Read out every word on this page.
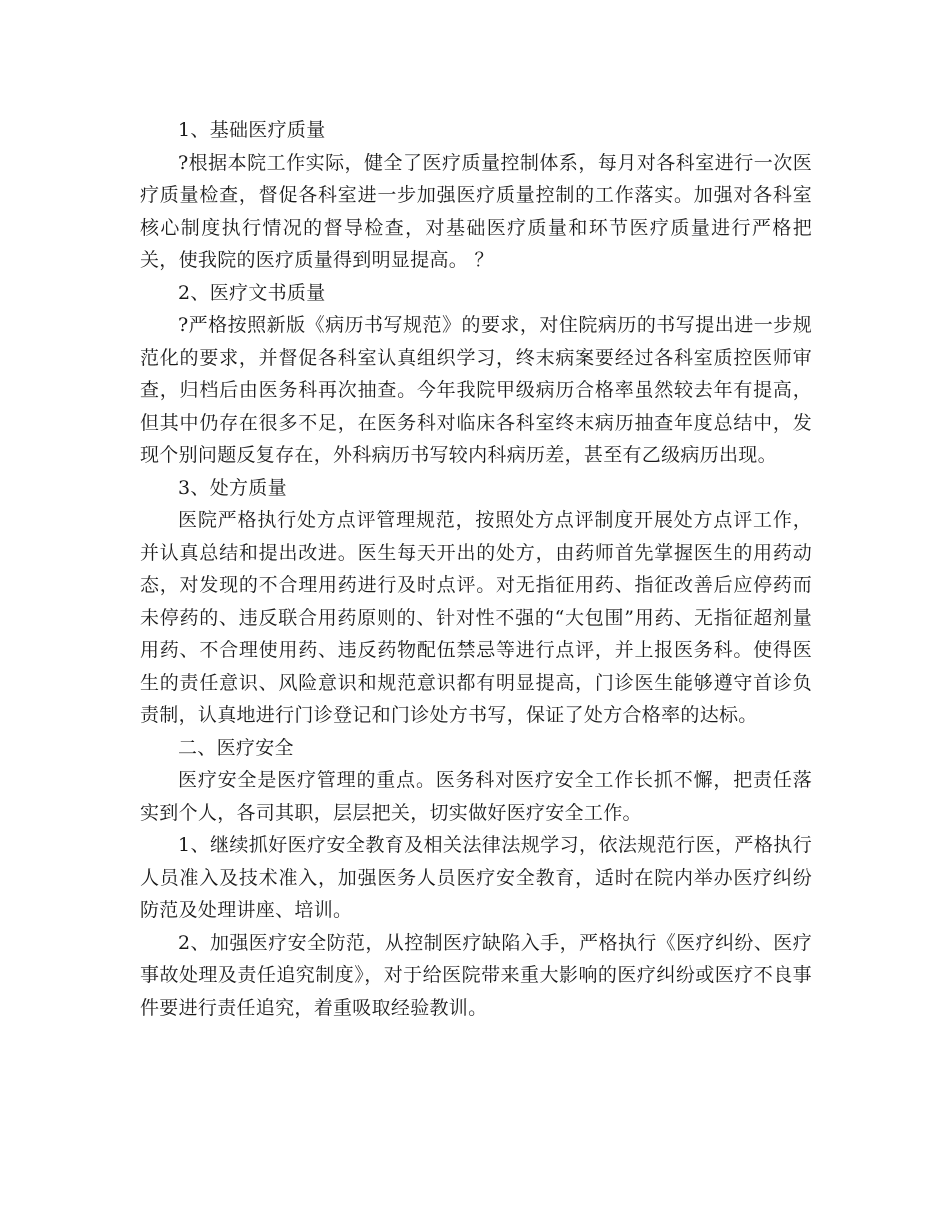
1、基础医疗质量

?根据本院工作实际，健全了医疗质量控制体系，每月对各科室进行一次医疗质量检查，督促各科室进一步加强医疗质量控制的工作落实。加强对各科室核心制度执行情况的督导检查，对基础医疗质量和环节医疗质量进行严格把关，使我院的医疗质量得到明显提高。 ？

2、医疗文书质量

?严格按照新版《病历书写规范》的要求，对住院病历的书写提出进一步规范化的要求，并督促各科室认真组织学习，终末病案要经过各科室质控医师审查，归档后由医务科再次抽查。今年我院甲级病历合格率虽然较去年有提高，但其中仍存在很多不足，在医务科对临床各科室终末病历抽查年度总结中，发现个别问题反复存在，外科病历书写较内科病历差，甚至有乙级病历出现。

3、处方质量

医院严格执行处方点评管理规范，按照处方点评制度开展处方点评工作，并认真总结和提出改进。医生每天开出的处方，由药师首先掌握医生的用药动态，对发现的不合理用药进行及时点评。对无指征用药、指征改善后应停药而未停药的、违反联合用药原则的、针对性不强的“大包围”用药、无指征超剂量用药、不合理使用药、违反药物配伍禁忌等进行点评，并上报医务科。使得医生的责任意识、风险意识和规范意识都有明显提高，门诊医生能够遵守首诊负责制，认真地进行门诊登记和门诊处方书写，保证了处方合格率的达标。

二、医疗安全

医疗安全是医疗管理的重点。医务科对医疗安全工作长抓不懈，把责任落实到个人，各司其职，层层把关，切实做好医疗安全工作。

1、继续抓好医疗安全教育及相关法律法规学习，依法规范行医，严格执行人员准入及技术准入，加强医务人员医疗安全教育，适时在院内举办医疗纠纷防范及处理讲座、培训。

2、加强医疗安全防范，从控制医疗缺陷入手，严格执行《医疗纠纷、医疗事故处理及责任追究制度》，对于给医院带来重大影响的医疗纠纷或医疗不良事件要进行责任追究，着重吸取经验教训。
